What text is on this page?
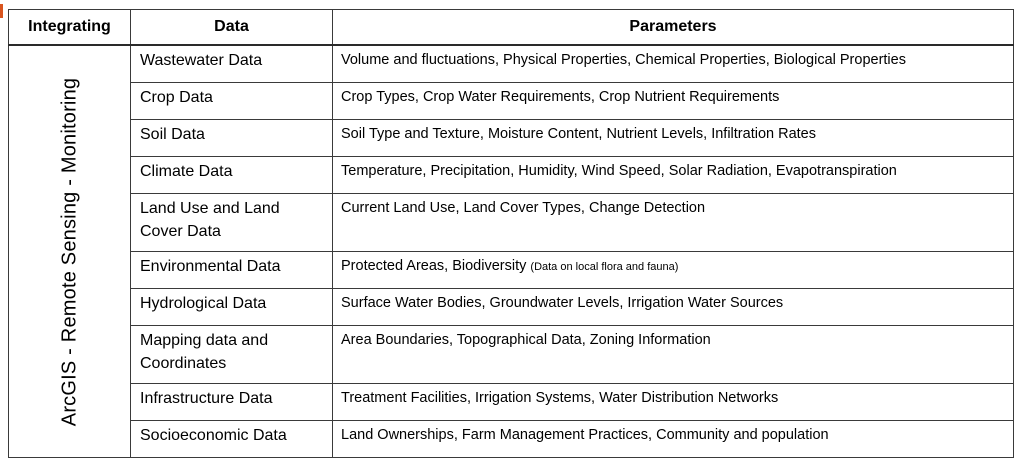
Integrating	Data	Parameters

ArcGIS - Remote Sensing - Monitoring	Wastewater Data	Volume and fluctuations, Physical Properties, Chemical Properties, Biological Properties
	Crop Data	Crop Types, Crop Water Requirements, Crop Nutrient Requirements
	Soil Data	Soil Type and Texture, Moisture Content, Nutrient Levels, Infiltration Rates
	Climate Data	Temperature, Precipitation, Humidity, Wind Speed, Solar Radiation, Evapotranspiration
	Land Use and Land Cover Data	Current Land Use, Land Cover Types, Change Detection
	Environmental Data	Protected Areas, Biodiversity (Data on local flora and fauna)
	Hydrological Data	Surface Water Bodies, Groundwater Levels, Irrigation Water Sources
	Mapping data and Coordinates	Area Boundaries, Topographical Data, Zoning Information
	Infrastructure Data	Treatment Facilities, Irrigation Systems, Water Distribution Networks
	Socioeconomic Data	Land Ownerships, Farm Management Practices, Community and population
